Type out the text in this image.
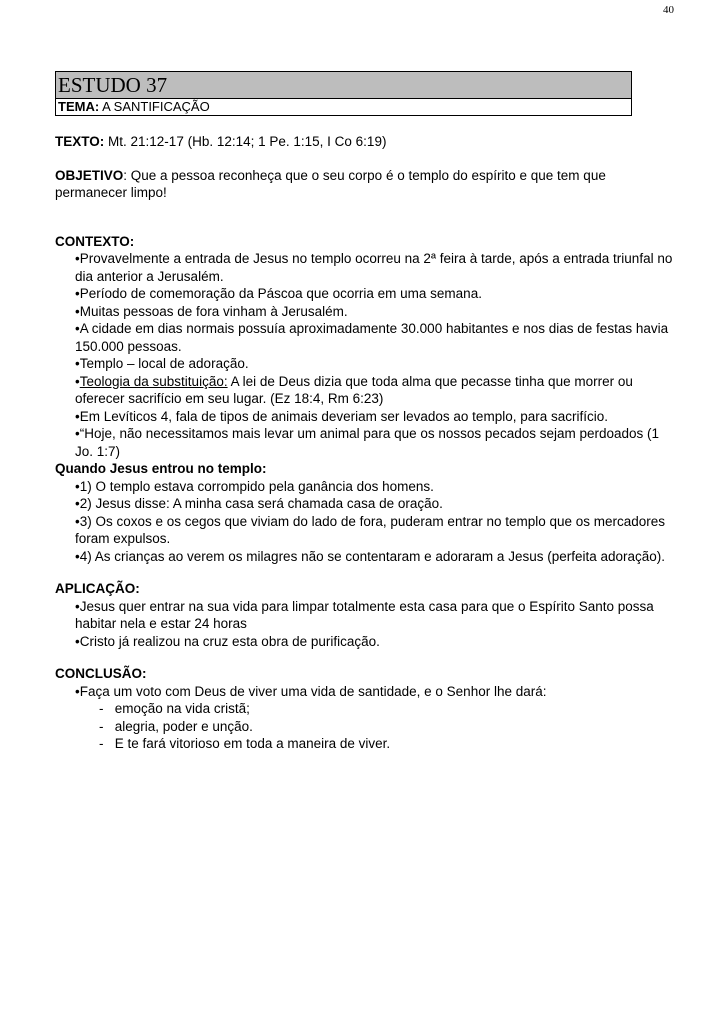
40
ESTUDO 37
TEMA: A SANTIFICAÇÃO

TEXTO: Mt. 21:12-17 (Hb. 12:14; 1 Pe. 1:15, I Co 6:19)

OBJETIVO: Que a pessoa reconheça que o seu corpo é o templo do espírito e que tem que permanecer limpo!

CONTEXTO:
•Provavelmente a entrada de Jesus no templo ocorreu na 2ª feira à tarde, após a entrada triunfal no dia anterior a Jerusalém.
•Período de comemoração da Páscoa que ocorria em uma semana.
•Muitas pessoas de fora vinham à Jerusalém.
•A cidade em dias normais possuía aproximadamente 30.000 habitantes e nos dias de festas havia 150.000 pessoas.
•Templo – local de adoração.
•Teologia da substituição: A lei de Deus dizia que toda alma que pecasse tinha que morrer ou oferecer sacrifício em seu lugar. (Ez 18:4, Rm 6:23)
•Em Levíticos 4, fala de tipos de animais deveriam ser levados ao templo, para sacrifício.
•“Hoje, não necessitamos mais levar um animal para que os nossos pecados sejam perdoados (1 Jo. 1:7)
Quando Jesus entrou no templo:
•1) O templo estava corrompido pela ganância dos homens.
•2) Jesus disse: A minha casa será chamada casa de oração.
•3) Os coxos e os cegos que viviam do lado de fora, puderam entrar no templo que os mercadores foram expulsos.
•4) As crianças ao verem os milagres não se contentaram e adoraram a Jesus (perfeita adoração).
APLICAÇÃO:
•Jesus quer entrar na sua vida para limpar totalmente esta casa para que o Espírito Santo possa habitar nela e estar 24 horas
•Cristo já realizou na cruz esta obra de purificação.
CONCLUSÃO:
•Faça um voto com Deus de viver uma vida de santidade, e o Senhor lhe dará:
- emoção na vida cristã;
- alegria, poder e unção.
- E te fará vitorioso em toda a maneira de viver.
